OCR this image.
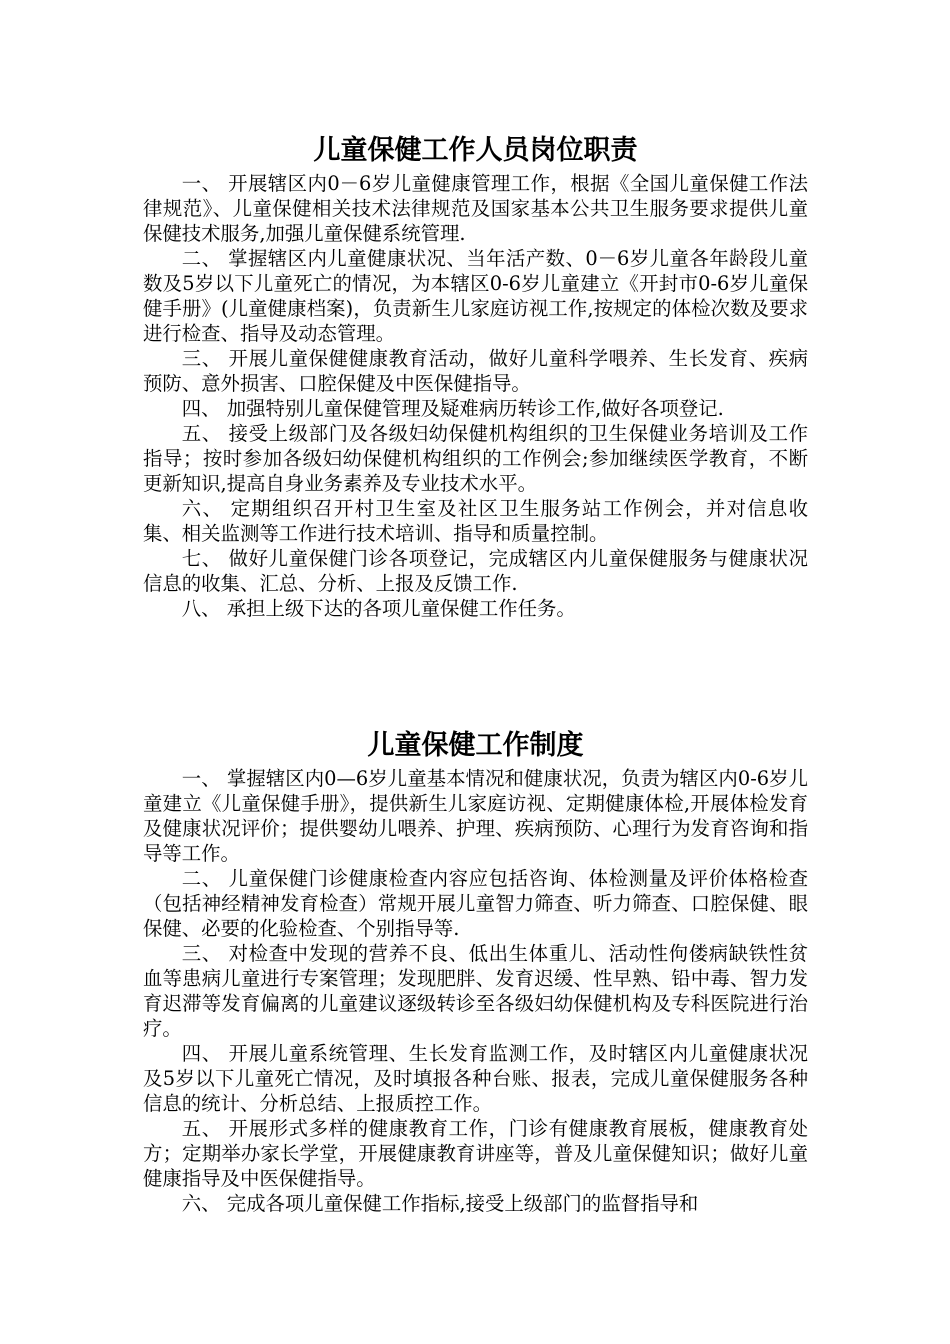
儿童保健工作人员岗位职责

一、 开展辖区内0－6岁儿童健康管理工作，根据《全国儿童保健工作法律规范》、儿童保健相关技术法律规范及国家基本公共卫生服务要求提供儿童保健技术服务,加强儿童保健系统管理.

二、 掌握辖区内儿童健康状况、当年活产数、0－6岁儿童各年龄段儿童数及5岁以下儿童死亡的情况，为本辖区0-6岁儿童建立《开封市0-6岁儿童保健手册》(儿童健康档案)，负责新生儿家庭访视工作,按规定的体检次数及要求进行检查、指导及动态管理。

三、 开展儿童保健健康教育活动，做好儿童科学喂养、生长发育、疾病预防、意外损害、口腔保健及中医保健指导。

四、 加强特别儿童保健管理及疑难病历转诊工作,做好各项登记.

五、 接受上级部门及各级妇幼保健机构组织的卫生保健业务培训及工作指导；按时参加各级妇幼保健机构组织的工作例会;参加继续医学教育，不断更新知识,提高自身业务素养及专业技术水平。

六、 定期组织召开村卫生室及社区卫生服务站工作例会，并对信息收集、相关监测等工作进行技术培训、指导和质量控制。

七、 做好儿童保健门诊各项登记，完成辖区内儿童保健服务与健康状况信息的收集、汇总、分析、上报及反馈工作.

八、 承担上级下达的各项儿童保健工作任务。

儿童保健工作制度

一、 掌握辖区内0—6岁儿童基本情况和健康状况，负责为辖区内0-6岁儿童建立《儿童保健手册》，提供新生儿家庭访视、定期健康体检,开展体检发育及健康状况评价；提供婴幼儿喂养、护理、疾病预防、心理行为发育咨询和指导等工作。

二、 儿童保健门诊健康检查内容应包括咨询、体检测量及评价体格检查（包括神经精神发育检查）常规开展儿童智力筛查、听力筛查、口腔保健、眼保健、必要的化验检查、个别指导等.

三、 对检查中发现的营养不良、低出生体重儿、活动性佝偻病缺铁性贫血等患病儿童进行专案管理；发现肥胖、发育迟缓、性早熟、铅中毒、智力发育迟滞等发育偏离的儿童建议逐级转诊至各级妇幼保健机构及专科医院进行治疗。

四、 开展儿童系统管理、生长发育监测工作，及时辖区内儿童健康状况及5岁以下儿童死亡情况，及时填报各种台账、报表，完成儿童保健服务各种信息的统计、分析总结、上报质控工作。

五、 开展形式多样的健康教育工作，门诊有健康教育展板，健康教育处方；定期举办家长学堂，开展健康教育讲座等，普及儿童保健知识；做好儿童健康指导及中医保健指导。

六、 完成各项儿童保健工作指标,接受上级部门的监督指导和
